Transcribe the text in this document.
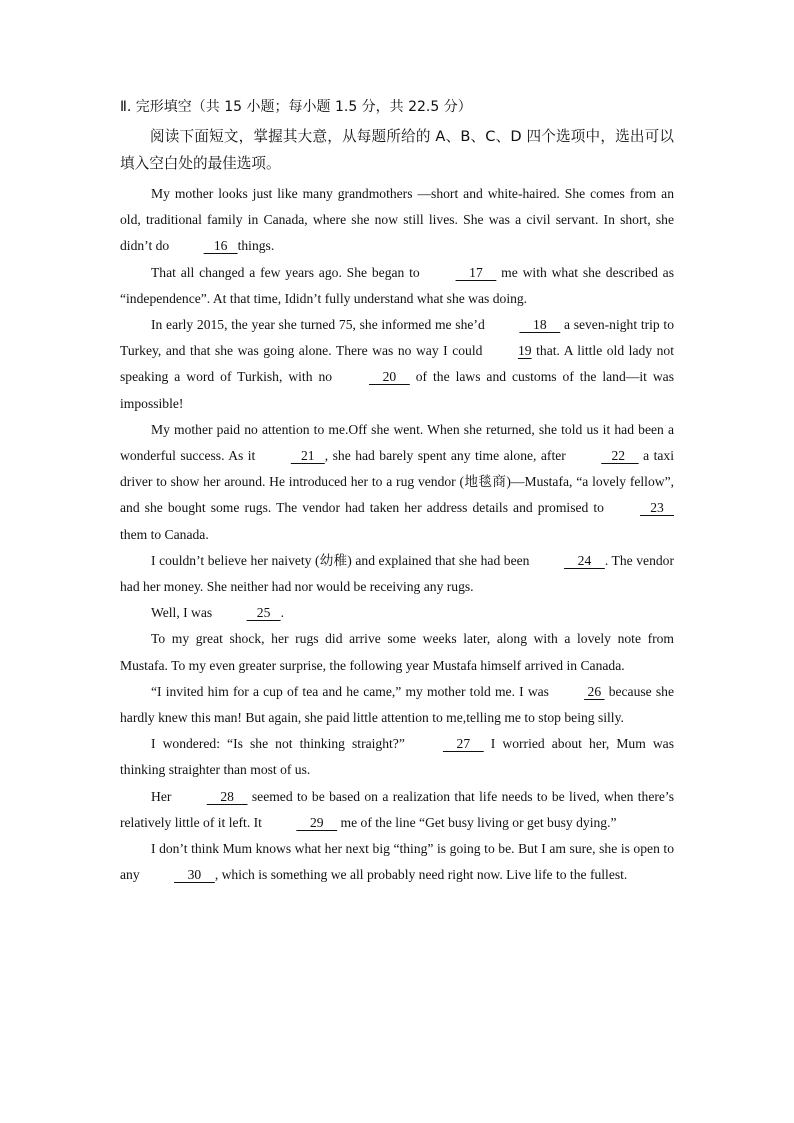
Ⅱ. 完形填空（共 15 小题；每小题 1.5 分，共 22.5 分）

阅读下面短文，掌握其大意，从每题所给的 A、B、C、D 四个选项中，选出可以填入空白处的最佳选项。

My mother looks just like many grandmothers —short and white-haired. She comes from an old, traditional family in Canada, where she now still lives. She was a civil servant. In short, she didn’t do    16   things.

That all changed a few years ago. She began to     17     me with what she described as “independence”. At that time, Ididn’t fully understand what she was doing.

In early 2015, the year she turned 75, she informed me she’d     18     a seven-night trip to Turkey, and that she was going alone. There was no way I could 19 that. A little old lady not speaking a word of Turkish, with no     20     of the laws and customs of the land—it was impossible!

My mother paid no attention to me.Off she went. When she returned, she told us it had been a wonderful success. As it    21   , she had barely spent any time alone, after    22     a taxi driver to show her around. He introduced her to a rug vendor (地毯商)—Mustafa, “a lovely fellow”, and she bought some rugs. The vendor had taken her address details and promised to    23    them to Canada.

I couldn’t believe her naivety (幼稚) and explained that she had been     24    . The vendor had her money. She neither had nor would be receiving any rugs.

Well, I was    25   .

To my great shock, her rugs did arrive some weeks later, along with a lovely note from Mustafa. To my even greater surprise, the following year Mustafa himself arrived in Canada.

“I invited him for a cup of tea and he came,” my mother told me. I was  26  because she hardly knew this man! But again, she paid little attention to me,telling me to stop being silly.

I wondered: “Is she not thinking straight?”     27     I worried about her, Mum was thinking straighter than most of us.

Her     28     seemed to be based on a realization that life needs to be lived, when there’s relatively little of it left. It     29     me of the line “Get busy living or get busy dying.”

I don’t think Mum knows what her next big “thing” is going to be. But I am sure, she is open to any     30    , which is something we all probably need right now. Live life to the fullest.
